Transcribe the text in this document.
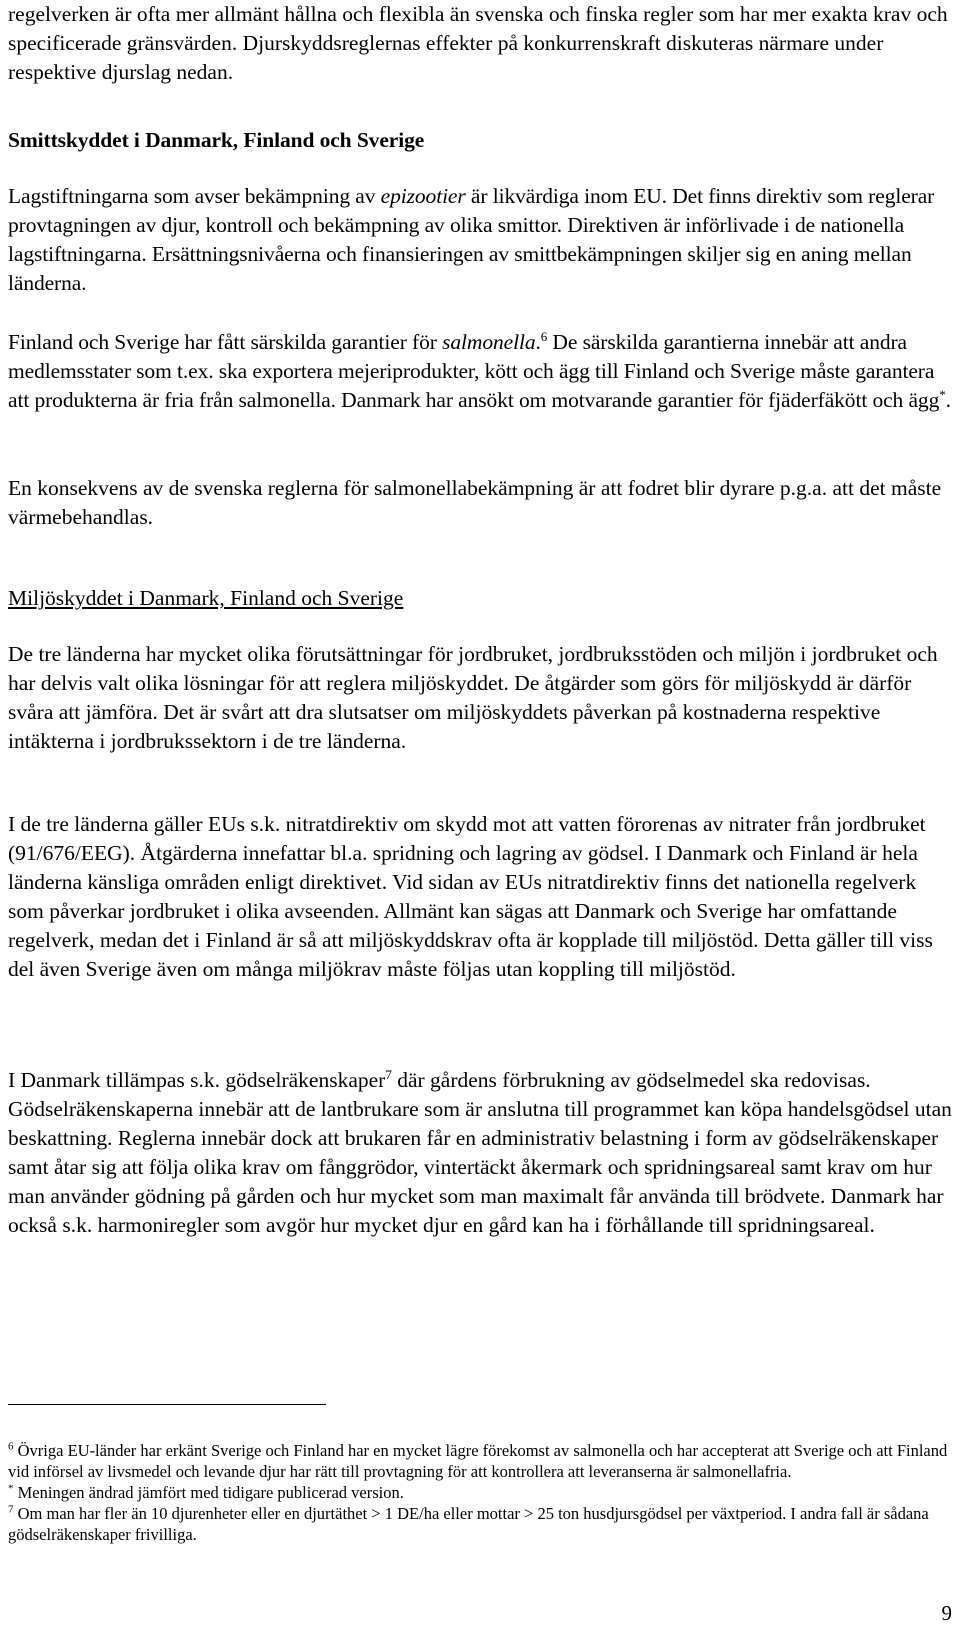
regelverken är ofta mer allmänt hållna och flexibla än svenska och finska regler som har mer exakta krav och specificerade gränsvärden. Djurskyddsreglernas effekter på konkurrenskraft diskuteras närmare under respektive djurslag nedan.

Smittskyddet i Danmark, Finland och Sverige

Lagstiftningarna som avser bekämpning av epizootier är likvärdiga inom EU. Det finns direktiv som reglerar provtagningen av djur, kontroll och bekämpning av olika smittor. Direktiven är införlivade i de nationella lagstiftningarna. Ersättningsnivåerna och finansieringen av smittbekämpningen skiljer sig en aning mellan länderna.

Finland och Sverige har fått särskilda garantier för salmonella.$^6$ De särskilda garantierna innebär att andra medlemsstater som t.ex. ska exportera mejeriprodukter, kött och ägg till Finland och Sverige måste garantera att produkterna är fria från salmonella. Danmark har ansökt om motvarande garantier för fjäderfäkött och ägg*.

En konsekvens av de svenska reglerna för salmonellabekämpning är att fodret blir dyrare p.g.a. att det måste värmebehandlas.

Miljöskyddet i Danmark, Finland och Sverige

De tre länderna har mycket olika förutsättningar för jordbruket, jordbruksstöden och miljön i jordbruket och har delvis valt olika lösningar för att reglera miljöskyddet. De åtgärder som görs för miljöskydd är därför svåra att jämföra. Det är svårt att dra slutsatser om miljöskyddets påverkan på kostnaderna respektive intäkterna i jordbrukssektorn i de tre länderna.

I de tre länderna gäller EUs s.k. nitratdirektiv om skydd mot att vatten förorenas av nitrater från jordbruket (91/676/EEG). Åtgärderna innefattar bl.a. spridning och lagring av gödsel. I Danmark och Finland är hela länderna känsliga områden enligt direktivet. Vid sidan av EUs nitratdirektiv finns det nationella regelverk som påverkar jordbruket i olika avseenden. Allmänt kan sägas att Danmark och Sverige har omfattande regelverk, medan det i Finland är så att miljöskyddskrav ofta är kopplade till miljöstöd. Detta gäller till viss del även Sverige även om många miljökrav måste följas utan koppling till miljöstöd.

I Danmark tillämpas s.k. gödselräkenskaper$^7$ där gårdens förbrukning av gödselmedel ska redovisas. Gödselräkenskaperna innebär att de lantbrukare som är anslutna till programmet kan köpa handelsgödsel utan beskattning. Reglerna innebär dock att brukaren får en administrativ belastning i form av gödselräkenskaper samt åtar sig att följa olika krav om fånggrödor, vintertäckt åkermark och spridningsareal samt krav om hur man använder gödning på gården och hur mycket som man maximalt får använda till brödvete. Danmark har också s.k. harmoniregler som avgör hur mycket djur en gård kan ha i förhållande till spridningsareal.

$^6$ Övriga EU-länder har erkänt Sverige och Finland har en mycket lägre förekomst av salmonella och har accepterat att Sverige och att Finland vid införsel av livsmedel och levande djur har rätt till provtagning för att kontrollera att leveranserna är salmonellafria.

* Meningen ändrad jämfört med tidigare publicerad version.

$^7$ Om man har fler än 10 djurenheter eller en djurtäthet > 1 DE/ha eller mottar > 25 ton husdjursgödsel per växtperiod. I andra fall är sådana gödselräkenskaper frivilliga.

9
